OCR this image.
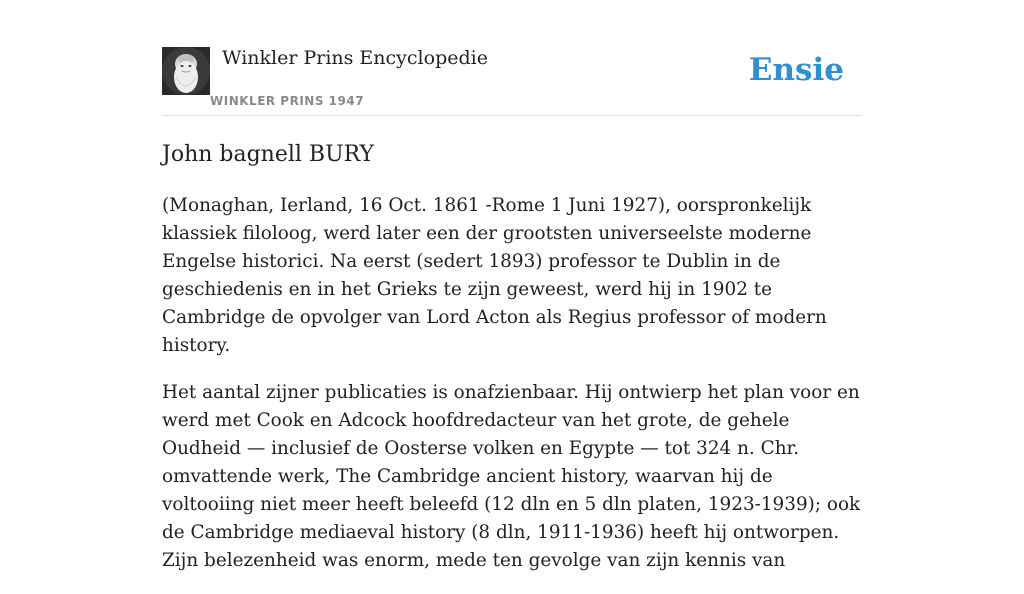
Winkler Prins Encyclopedie
WINKLER PRINS 1947
Ensie
John bagnell BURY

(Monaghan, Ierland, 16 Oct. 1861 -Rome 1 Juni 1927), oorspronkelijk klassiek filoloog, werd later een der grootsten universeelste moderne Engelse historici. Na eerst (sedert 1893) professor te Dublin in de geschiedenis en in het Grieks te zijn geweest, werd hij in 1902 te Cambridge de opvolger van Lord Acton als Regius professor of modern history.

Het aantal zijner publicaties is onafzienbaar. Hij ontwierp het plan voor en werd met Cook en Adcock hoofdredacteur van het grote, de gehele Oudheid — inclusief de Oosterse volken en Egypte — tot 324 n. Chr. omvattende werk, The Cambridge ancient history, waarvan hij de voltooiing niet meer heeft beleefd (12 dln en 5 dln platen, 1923-1939); ook de Cambridge mediaeval history (8 dln, 1911-1936) heeft hij ontworpen. Zijn belezenheid was enorm, mede ten gevolge van zijn kennis van
